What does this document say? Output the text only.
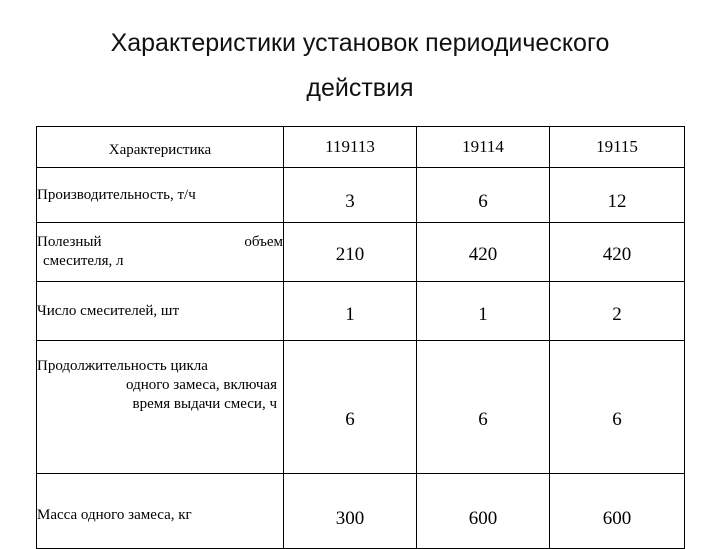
Характеристики установок периодического
действия
Характеристика	119113	19114	19115
Производительность, т/ч	3	6	12

Полезный объем
смесителя, л	210	420	420
Число смесителей, шт	1	1	2

Продолжительность цикла
одного замеса, включая
время выдачи смеси, ч	6	6	6
Масса одного замеса, кг	300	600	600
